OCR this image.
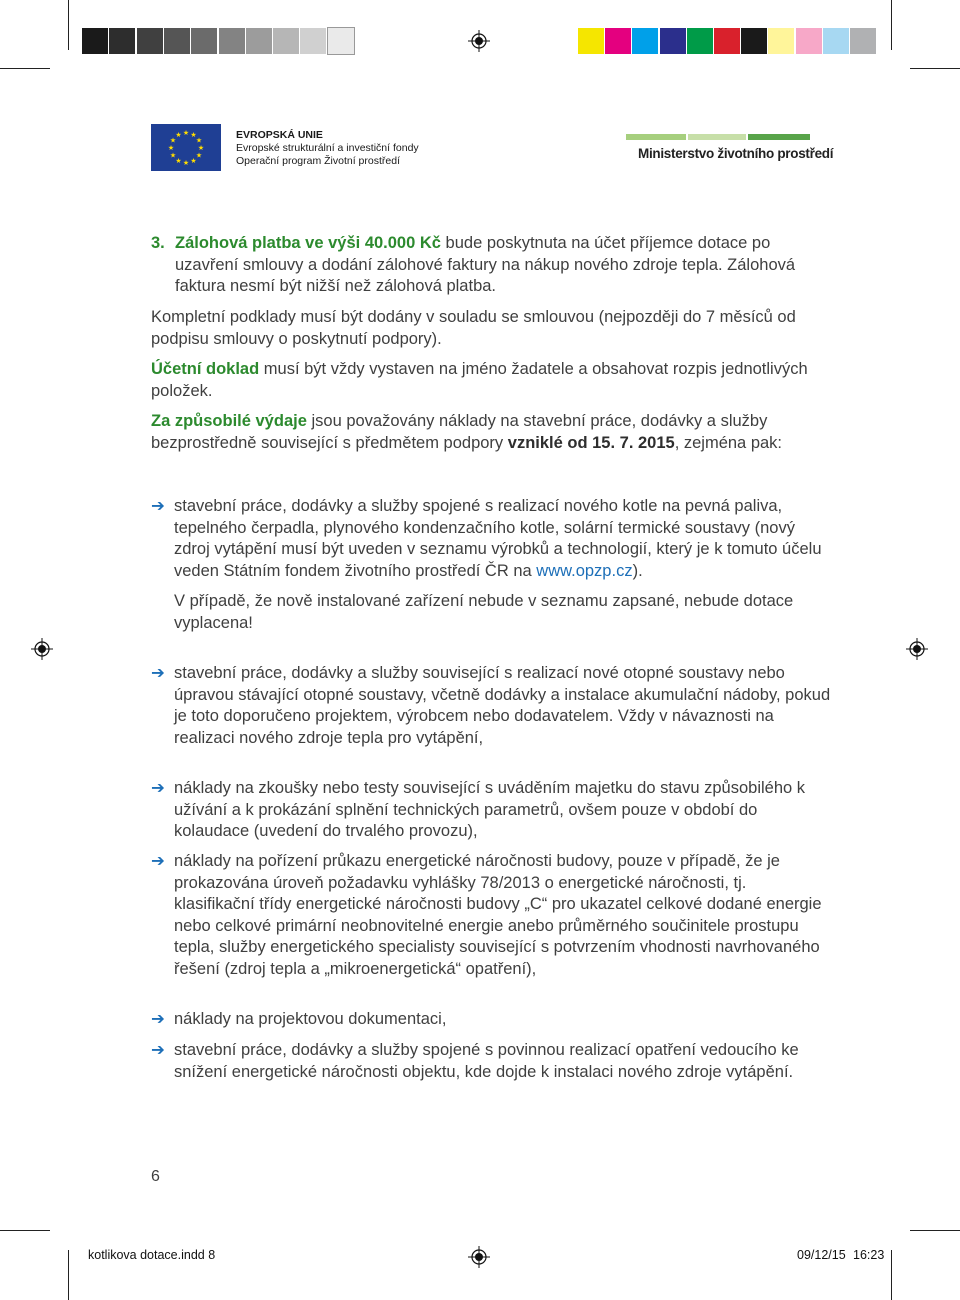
★ ★
★
★
★
★
★
★
★
★
★
★	EVROPSKÁ UNIE
Evropské strukturální a investiční fondy
Operační program Životní prostředí	Ministerstvo životního prostředí
3. Zálohová platba ve výši 40.000 Kč bude poskytnuta na účet příjemce dotace po uzavření smlouvy a dodání zálohové faktury na nákup nového zdroje tepla. Zálohová faktura nesmí být nižší než zálohová platba.
Kompletní podklady musí být dodány v souladu se smlouvou (nejpozději do 7 měsíců od podpisu smlouvy o poskytnutí podpory).
Účetní doklad musí být vždy vystaven na jméno žadatele a obsahovat rozpis jednotlivých položek.
Za způsobilé výdaje jsou považovány náklady na stavební práce, dodávky a služby bezprostředně související s předmětem podpory vzniklé od 15. 7. 2015, zejména pak:
➔ stavební práce, dodávky a služby spojené s realizací nového kotle na pevná paliva, tepelného čerpadla, plynového kondenzačního kotle, solární termické soustavy (nový zdroj vytápění musí být uveden v seznamu výrobků a technologií, který je k tomuto účelu veden Státním fondem životního prostředí ČR na www.opzp.cz).
V případě, že nově instalované zařízení nebude v seznamu zapsané, nebude dotace vyplacena!
➔ stavební práce, dodávky a služby související s realizací nové otopné soustavy nebo úpravou stávající otopné soustavy, včetně dodávky a instalace akumulační nádoby, pokud je toto doporučeno projektem, výrobcem nebo dodavatelem. Vždy v návaznosti na realizaci nového zdroje tepla pro vytápění,
➔ náklady na zkoušky nebo testy související s uváděním majetku do stavu způsobilého k užívání a k prokázání splnění technických parametrů, ovšem pouze v období do kolaudace (uvedení do trvalého provozu),
➔ náklady na pořízení průkazu energetické náročnosti budovy, pouze v případě, že je prokazována úroveň požadavku vyhlášky 78/2013 o energetické náročnosti, tj. klasifikační třídy energetické náročnosti budovy „C“ pro ukazatel celkové dodané energie nebo celkové primární neobnovitelné energie anebo průměrného součinitele prostupu tepla, služby energetického specialisty související s potvrzením vhodnosti navrhovaného řešení (zdroj tepla a „mikroenergetická“ opatření),
➔ náklady na projektovou dokumentaci,
➔ stavební práce, dodávky a služby spojené s povinnou realizací opatření vedoucího ke snížení energetické náročnosti objektu, kde dojde k instalaci nového zdroje vytápění.
6
kotlikova dotace.indd 8	09/12/15 16:23
